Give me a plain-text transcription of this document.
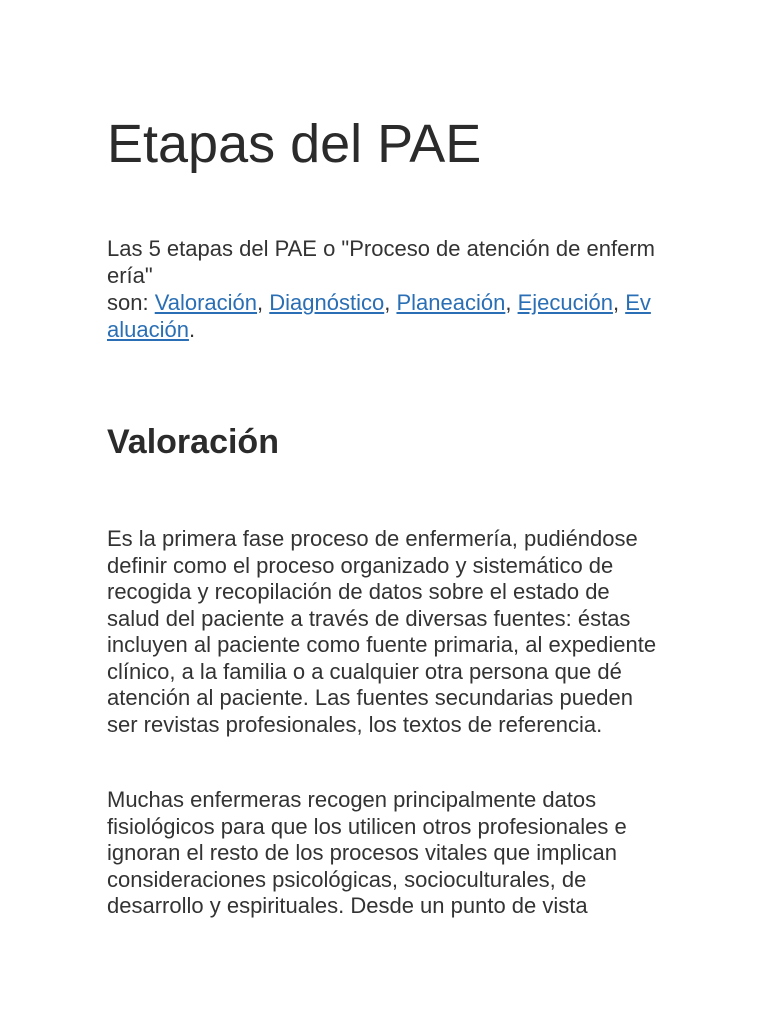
Etapas del PAE

Las 5 etapas del PAE o "Proceso de atención de enfermería"
son: Valoración, Diagnóstico, Planeación, Ejecución, Evaluación.

Valoración

Es la primera fase proceso de enfermería, pudiéndose definir como el proceso organizado y sistemático de recogida y recopilación de datos sobre el estado de salud del paciente a través de diversas fuentes: éstas incluyen al paciente como fuente primaria, al expediente clínico, a la familia o a cualquier otra persona que dé atención al paciente. Las fuentes secundarias pueden ser revistas profesionales, los textos de referencia.

Muchas enfermeras recogen principalmente datos fisiológicos para que los utilicen otros profesionales e ignoran el resto de los procesos vitales que implican consideraciones psicológicas, socioculturales, de desarrollo y espirituales. Desde un punto de vista
